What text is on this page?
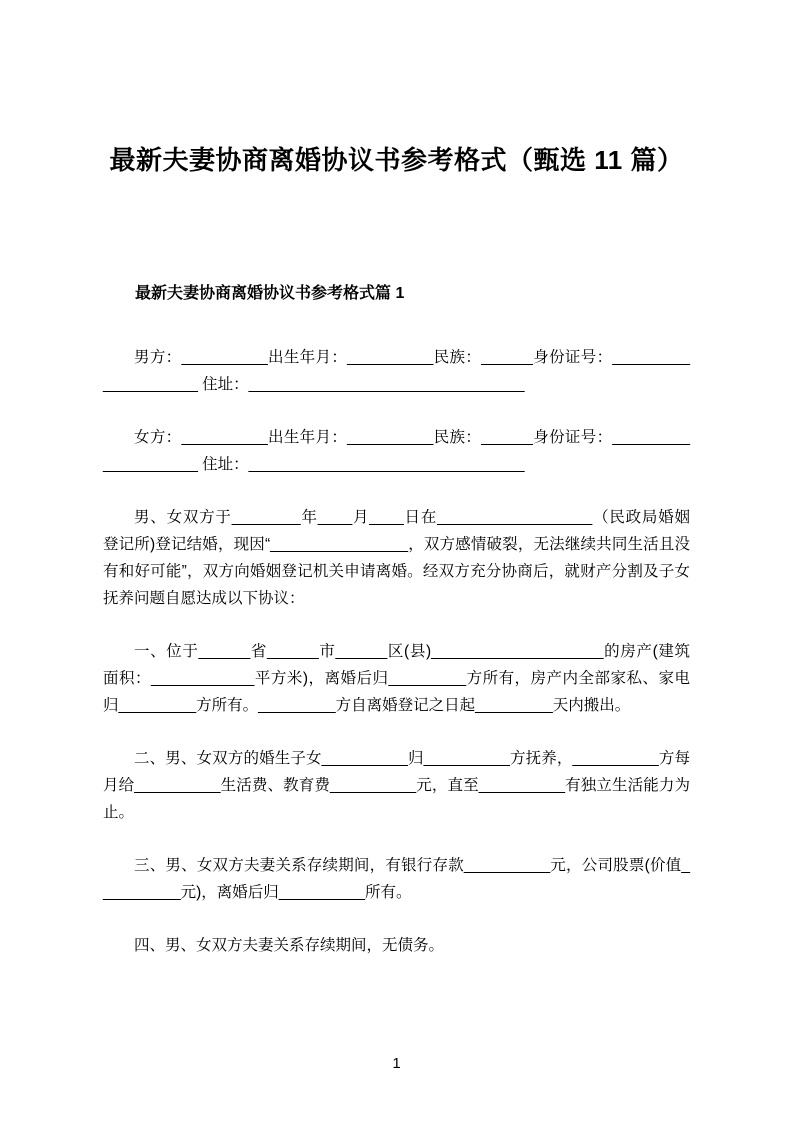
最新夫妻协商离婚协议书参考格式（甄选 11 篇）
最新夫妻协商离婚协议书参考格式篇 1

男方：__________出生年月：__________民族：______身份证号：____________________ 住址：________________________________

女方：__________出生年月：__________民族：______身份证号：____________________ 住址：________________________________

男、女双方于________年____月____日在__________________（民政局婚姻登记所)登记结婚，现因“________________，双方感情破裂，无法继续共同生活且没有和好可能”，双方向婚姻登记机关申请离婚。经双方充分协商后，就财产分割及子女抚养问题自愿达成以下协议：

一、位于______省______市______区(县)____________________的房产(建筑面积：____________平方米)，离婚后归_________方所有，房产内全部家私、家电归_________方所有。_________方自离婚登记之日起_________天内搬出。

二、男、女双方的婚生子女__________归__________方抚养，__________方每月给__________生活费、教育费__________元，直至__________有独立生活能力为止。

三、男、女双方夫妻关系存续期间，有银行存款__________元，公司股票(价值__________元)，离婚后归__________所有。

四、男、女双方夫妻关系存续期间，无债务。

1
